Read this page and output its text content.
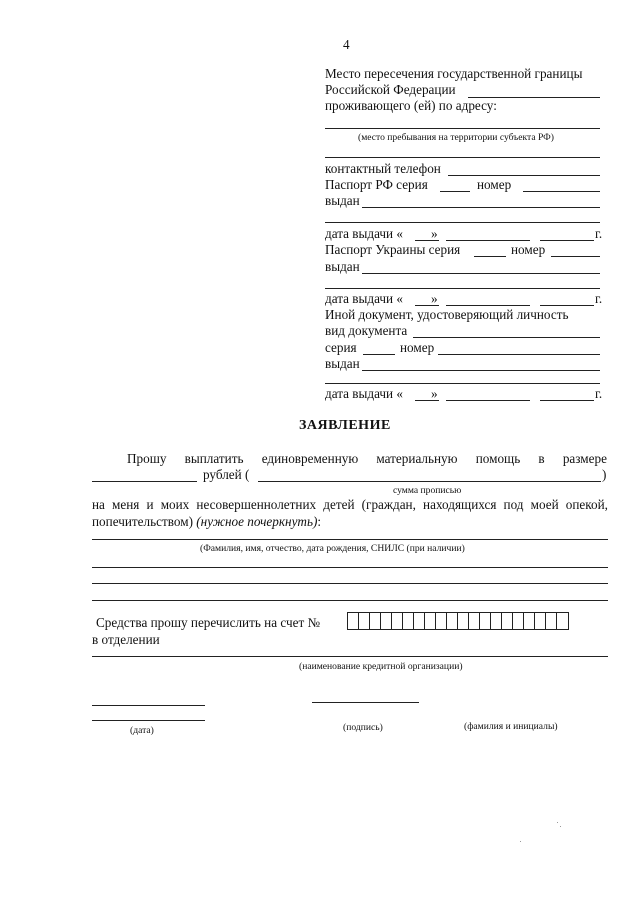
4
Место пересечения государственной границы
Российской Федерации
проживающего (ей) по адресу:
(место пребывания на территории субъекта РФ)
контактный телефон
Паспорт РФ серия	номер
выдан
дата выдачи « »	г.
Паспорт Украины серия	номер
выдан
дата выдачи « »	г.
Иной документ, удостоверяющий личность
вид документа
серия	номер
выдан
дата выдачи « »	г.
ЗАЯВЛЕНИЕ
Прошу выплатить единовременную материальную помощь в размере
рублей (	)
сумма прописью
на меня и моих несовершеннолетних детей (граждан, находящихся под моей опекой,
попечительством) (нужное почеркнуть):
(Фамилия, имя, отчество, дата рождения, СНИЛС (при наличии)
Средства прошу перечислить на счет №
в отделении
(наименование кредитной организации)
(дата)	(подпись)	(фамилия и инициалы)
